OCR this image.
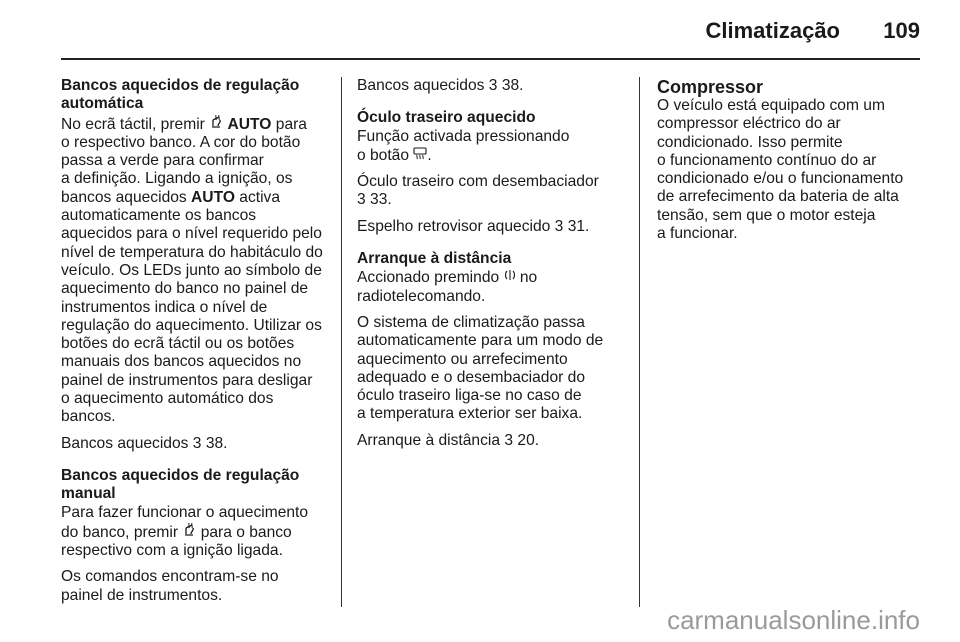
Climatização 109
Bancos aquecidos de regulação
automática

No ecrã táctil, premir  AUTO para
o respectivo banco. A cor do botão
passa a verde para confirmar
a definição. Ligando a ignição, os
bancos aquecidos AUTO activa
automaticamente os bancos
aquecidos para o nível requerido pelo
nível de temperatura do habitáculo do
veículo. Os LEDs junto ao símbolo de
aquecimento do banco no painel de
instrumentos indica o nível de
regulação do aquecimento. Utilizar os
botões do ecrã táctil ou os botões
manuais dos bancos aquecidos no
painel de instrumentos para desligar
o aquecimento automático dos
bancos.

Bancos aquecidos 3 38.

Bancos aquecidos de regulação
manual

Para fazer funcionar o aquecimento
do banco, premir  para o banco
respectivo com a ignição ligada.

Os comandos encontram-se no
painel de instrumentos.

Bancos aquecidos 3 38.

Óculo traseiro aquecido

Função activada pressionando
o botão .

Óculo traseiro com desembaciador
3 33.

Espelho retrovisor aquecido 3 31.

Arranque à distância

Accionado premindo  no
radiotelecomando.

O sistema de climatização passa
automaticamente para um modo de
aquecimento ou arrefecimento
adequado e o desembaciador do
óculo traseiro liga-se no caso de
a temperatura exterior ser baixa.

Arranque à distância 3 20.

Compressor

O veículo está equipado com um
compressor eléctrico do ar
condicionado. Isso permite
o funcionamento contínuo do ar
condicionado e/ou o funcionamento
de arrefecimento da bateria de alta
tensão, sem que o motor esteja
a funcionar.

carmanualsonline.info
